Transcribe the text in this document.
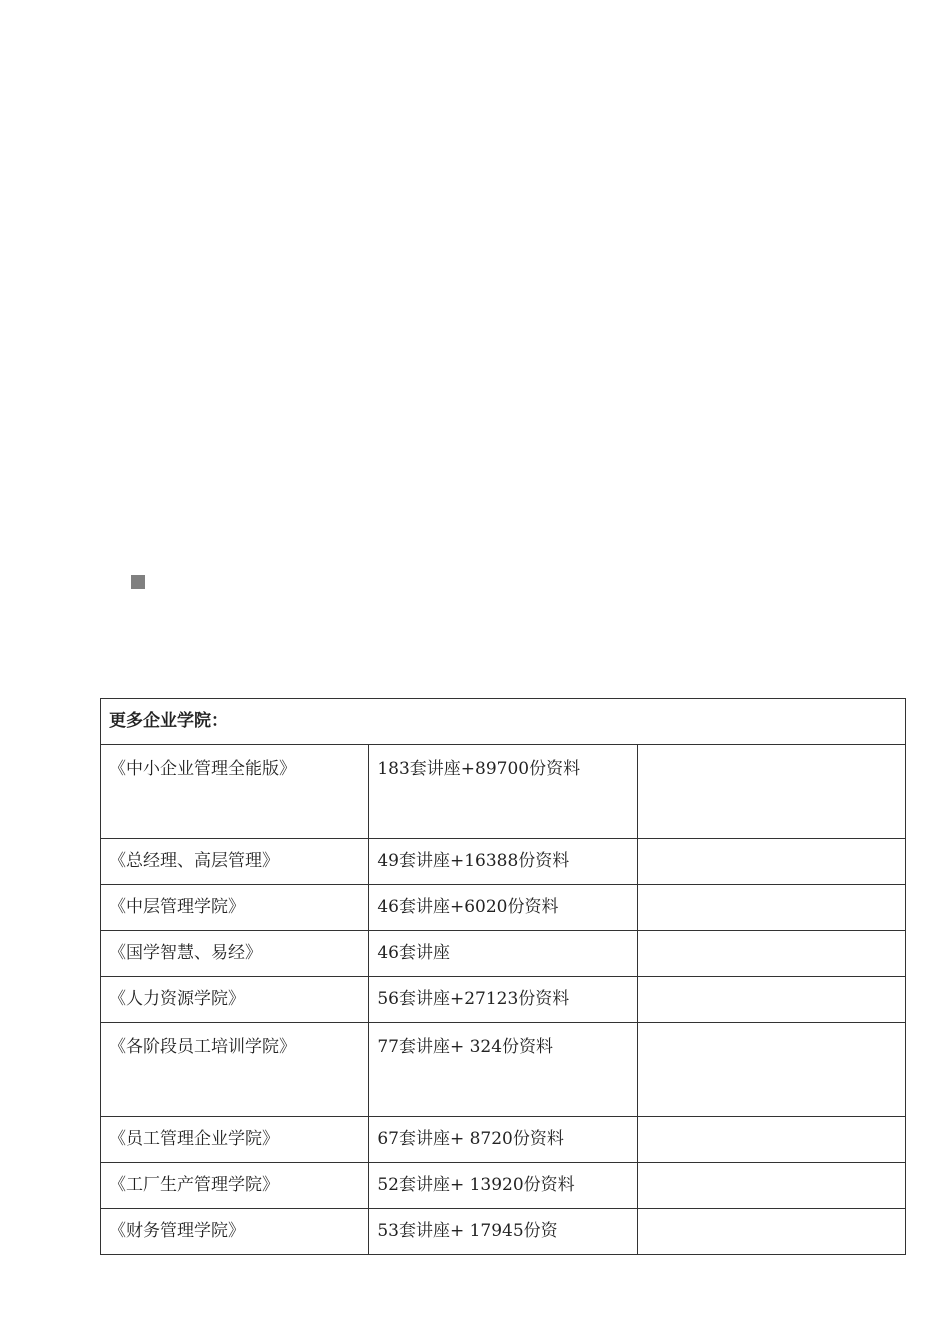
更多企业学院：		
《中小企业管理全能版》	183套讲座+89700份资料	
《总经理、高层管理》	49套讲座+16388份资料	
《中层管理学院》	46套讲座+6020份资料	
《国学智慧、易经》	46套讲座	
《人力资源学院》	56套讲座+27123份资料	
《各阶段员工培训学院》	77套讲座+ 324份资料	
《员工管理企业学院》	67套讲座+ 8720份资料	
《工厂生产管理学院》	52套讲座+ 13920份资料	
《财务管理学院》	53套讲座+ 17945份资	
